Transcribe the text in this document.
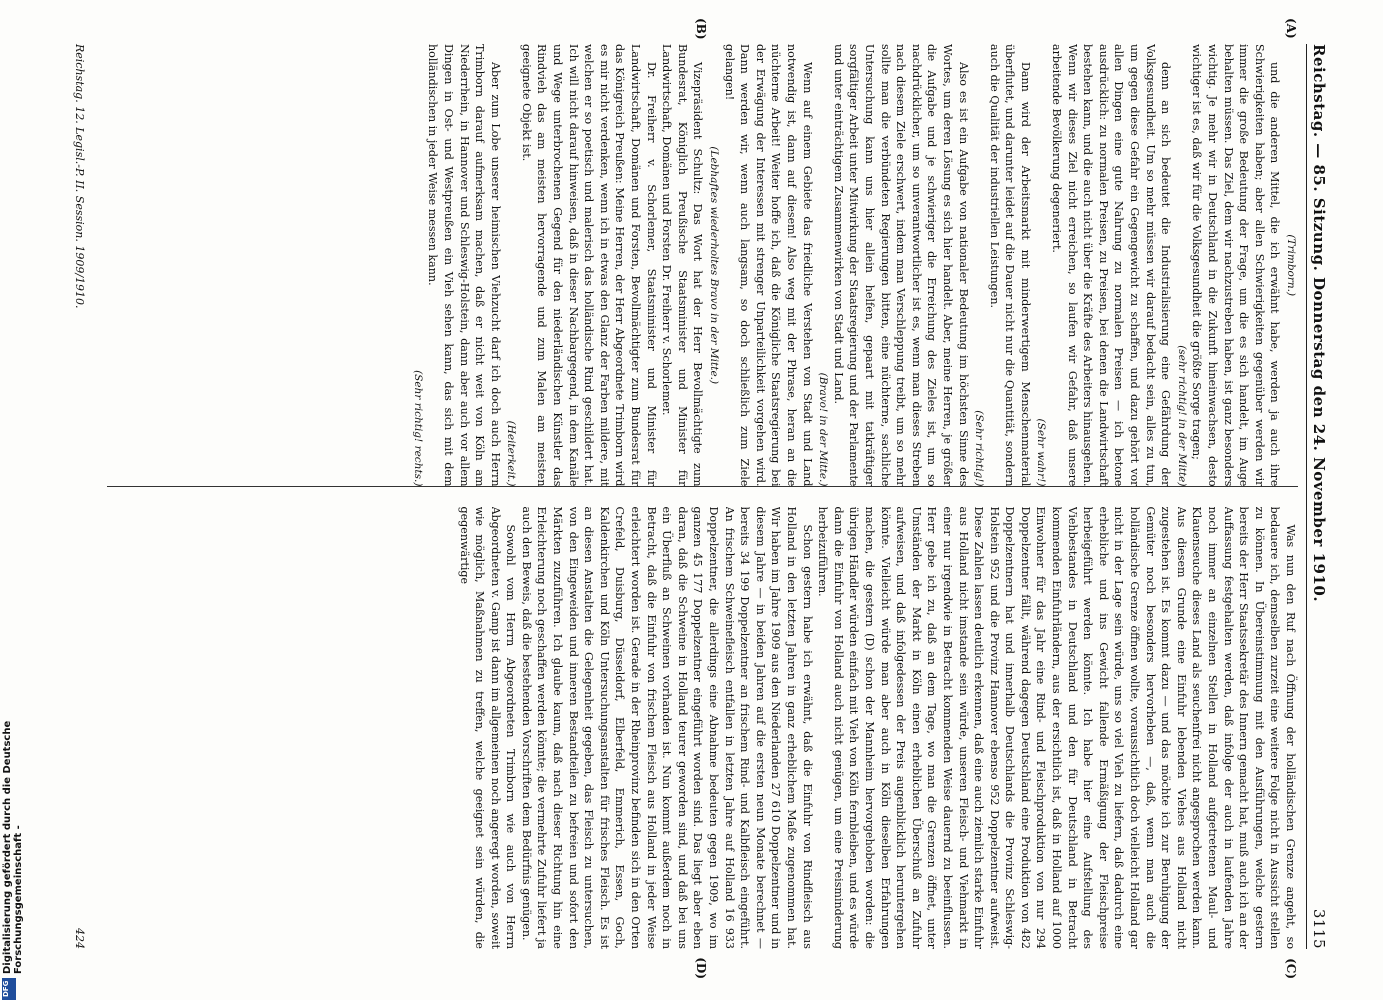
Reichstag. — 85. Sitzung. Donnerstag den 24. November 1910.
3115

(Trimborn.)

und die anderen Mittel, die ich erwähnt habe, werden ja auch ihre Schwierigkeiten haben; aber allen Schwierigkeiten gegenüber werden wir immer die große Bedeutung der Frage, um die es sich handelt, im Auge behalten müssen. Das Ziel, dem wir nachzustreben haben, ist ganz besonders wichtig. Je mehr wir in Deutschland in die Zukunft hineinwachsen, desto wichtiger ist es, daß wir für die Volksgesundheit die größte Sorge tragen;

(sehr richtig! in der Mitte)

denn an sich bedeutet die Industrialisierung eine Gefährdung der Volksgesundheit. Um so mehr müssen wir darauf bedacht sein, alles zu tun, um gegen diese Gefahr ein Gegengewicht zu schaffen, und dazu gehört vor allen Dingen eine gute Nahrung zu normalen Preisen — ich betone ausdrücklich: zu normalen Preisen, zu Preisen, bei denen die Landwirtschaft bestehen kann, und die auch nicht über die Kräfte des Arbeiters hinausgehen. Wenn wir dieses Ziel nicht erreichen, so laufen wir Gefahr, daß unsere arbeitende Bevölkerung degeneriert.

(Sehr wahr!)

Dann wird der Arbeitsmarkt mit minderwertigem Menschenmaterial überflutet, und darunter leidet auf die Dauer nicht nur die Quantität, sondern auch die Qualität der industriellen Leistungen.

(Sehr richtig!)

Also es ist ein Aufgabe von nationaler Bedeutung im höchsten Sinne des Wortes, um deren Lösung es sich hier handelt. Aber, meine Herren, je größer die Aufgabe und je schwieriger die Erreichung des Zieles ist, um so nachdrücklicher, um so unverantwortlicher ist es, wenn man dieses Streben nach diesem Ziele erschwert, indem man Verschleppung treibt, um so mehr sollte man die verbündeten Regierungen bitten, eine nüchterne, sachliche Untersuchung kann uns hier allein helfen, gepaart mit tatkräftiger sorgfältiger Arbeit unter Mitwirkung der Staatsregierung und der Parlamente und unter einträchtigem Zusammenwirken von Stadt und Land.

(Bravo! in der Mitte.)

Wenn auf einem Gebiete das friedliche Verstehen von Stadt und Land notwendig ist, dann auf diesem! Also weg mit der Phrase, heran an die nüchterne Arbeit! Weiter hoffe ich, daß die Königliche Staatsregierung bei der Erwägung der Interessen mit strenger Unparteilichkeit vorgehen wird. Dann werden wir, wenn auch langsam, so doch schließlich zum Ziele gelangen!

(Lebhaftes wiederholtes Bravo in der Mitte.)

Vizepräsident Schultz: Das Wort hat der Herr Bevollmächtigte zum Bundesrat, Königlich Preußische Staatsminister und Minister für Landwirtschaft, Domänen und Forsten Dr. Freiherr v. Schorlemer.

Dr. Freiherr v. Schorlemer, Staatsminister und Minister für Landwirtschaft, Domänen und Forsten, Bevollmächtigter zum Bundesrat für das Königreich Preußen: Meine Herren, der Herr Abgeordnete Trimborn wird es mir nicht verdenken, wenn ich in etwas den Glanz der Farben mildere, mit welchen er so poetisch und malerisch das holländische Rind geschildert hat. Ich will nicht darauf hinweisen, daß in dieser Nachbargegend, in dem Kanäle und Wege unterbrochenen Gegend für den niederländischen Künstler das Rindvieh das am meisten hervorragende und zum Malen am meisten geeignete Objekt ist.

(Heiterkeit.)

Aber zum Lobe unserer heimischen Viehzucht darf ich doch auch Herrn Trimborn darauf aufmerksam machen, daß er nicht weit von Köln am Niederrhein, in Hannover und Schleswig-Holstein, dann aber auch vor allem Dingen in Ost- und Westpreußen ein Vieh sehen kann, das sich mit dem holländischen in jeder Weise messen kann.

(Sehr richtig! rechts.)

Was nun den Ruf nach Öffnung der holländischen Grenze angeht, so bedauere ich, demselben zurzeit eine weitere Folge nicht in Aussicht stellen zu können. In Übereinstimmung mit den Ausführungen, welche gestern bereits der Herr Staatssekretär des Innern gemacht hat, muß auch ich an der Auffassung festgehalten werden, daß infolge der auch in laufenden Jahre noch immer an einzelnen Stellen in Holland aufgetretenen Maul- und Klauenseuche dieses Land als seuchenfrei nicht angesprochen werden kann. Aus diesem Grunde eine Einfuhr lebenden Viehes aus Holland nicht zugestehen ist. Es kommt dazu — und das möchte ich zur Beruhigung der Gemüter noch besonders hervorheben —, daß, wenn man auch die holländische Grenze öffnen wollte, voraussichtlich doch vielleicht Holland gar nicht in der Lage sein würde, uns so viel Vieh zu liefern, daß dadurch eine erhebliche und ins Gewicht fallende Ermäßigung der Fleischpreise herbeigeführt werden könnte. Ich habe hier eine Aufstellung des Viehbestandes in Deutschland und den für Deutschland in Betracht kommenden Einfuhrländern, aus der ersichtlich ist, daß in Holland auf 1000 Einwohner für das Jahr eine Rind- und Fleischproduktion von nur 294 Doppelzentner fällt, während dagegen Deutschland eine Produktion von 482 Doppelzentnern hat und innerhalb Deutschlands die Provinz Schleswig-Holstein 952 und die Provinz Hannover ebenso 952 Doppelzentner aufweist. Diese Zahlen lassen deutlich erkennen, daß eine auch ziemlich starke Einfuhr aus Holland nicht imstande sein würde, unseren Fleisch- und Viehmarkt in einer nur irgendwie in Betracht kommenden Weise dauernd zu beeinflussen. Herr gebe ich zu, daß an dem Tage, wo man die Grenzen öffnet, unter Umständen der Markt in Köln einen erheblichen Überschuß an Zufuhr aufweisen, und daß infolgedessen der Preis augenblicklich heruntergehen könnte. Vielleicht würde man aber auch in Köln dieselben Erfahrungen machen, die gestern (D) schon der Mannheim hervorgehoben worden: die übrigen Händler würden einfach mit Vieh von Köln fernbleiben, und es würde dann die Einfuhr von Holland auch nicht genügen, um eine Preisminderung herbeizuführen.

Schon gestern habe ich erwähnt, daß die Einfuhr von Rindfleisch aus Holland in den letzten Jahren in ganz erheblichem Maße zugenommen hat. Wir haben im Jahre 1909 aus den Niederlanden 27 610 Doppelzentner und in diesem Jahre — in beiden Jahren auf die ersten neun Monate berechnet — bereits 34 199 Doppelzentner an frischem Rind- und Kalbfleisch eingeführt. An frischem Schweinefleisch entfallen in letzten Jahre auf Holland 16 933 Doppelzentner, die allerdings eine Abnahme bedeuten gegen 1909, wo im ganzen 45 177 Doppelzentner eingeführt worden sind. Das liegt aber eben daran, daß die Schweine in Holland teurer geworden sind, und daß bei uns ein Überfluß an Schweinen vorhanden ist. Nun kommt außerdem noch in Betracht, daß die Einfuhr von frischem Fleisch aus Holland in jeder Weise erleichtert worden ist. Gerade in der Rheinprovinz befinden sich in den Orten Crefeld, Duisburg, Düsseldorf, Elberfeld, Emmerich, Essen, Goch, Kaldenkirchen und Köln Untersuchungsanstalten für frisches Fleisch. Es ist an diesen Anstalten die Gelegenheit gegeben, das Fleisch zu untersuchen, von den Eingeweiden und inneren Bestandteilen zu befreien und sofort den Märkten zuzuführen. Ich glaube kaum, daß nach dieser Richtung hin eine Erleichterung noch geschaffen werden könnte; die vermehrte Zufuhr liefert ja auch den Beweis, daß die bestehenden Vorschriften dem Bedürfnis genügen.

Sowohl vom Herrn Abgeordneten Trimborn wie auch von Herrn Abgeordneten v. Gamp ist dann im allgemeinen noch angeregt worden, soweit wie möglich, Maßnahmen zu treffen, welche geeignet sein würden, die gegenwärtige

(A)
(B)
(C)
(D)
Reichstag. 12. Legisl.-P. II. Session. 1909/1910.
424
Digitalisierung gefördert durch die Deutsche Forschungsgemeinschaft -
DFG
